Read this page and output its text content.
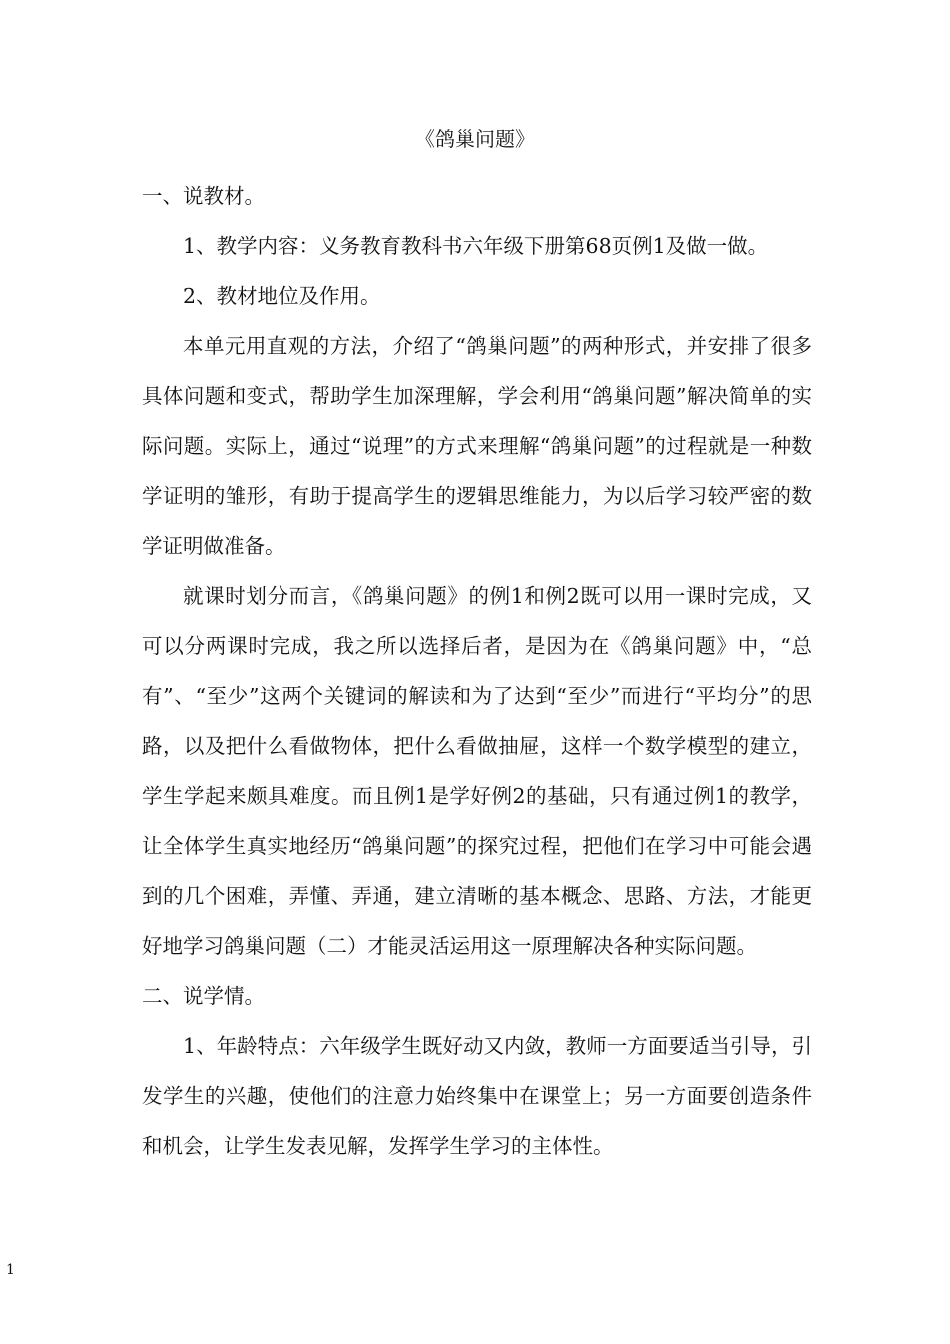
《鸽巢问题》

一、说教材。

1、教学内容：义务教育教科书六年级下册第68页例1及做一做。

2、教材地位及作用。

本单元用直观的方法，介绍了“鸽巢问题”的两种形式，并安排了很多具体问题和变式，帮助学生加深理解，学会利用“鸽巢问题”解决简单的实际问题。实际上，通过“说理”的方式来理解“鸽巢问题”的过程就是一种数学证明的雏形，有助于提高学生的逻辑思维能力，为以后学习较严密的数学证明做准备。

就课时划分而言，《鸽巢问题》的例1和例2既可以用一课时完成，又可以分两课时完成，我之所以选择后者，是因为在《鸽巢问题》中，“总有”、“至少”这两个关键词的解读和为了达到“至少”而进行“平均分”的思路，以及把什么看做物体，把什么看做抽屉，这样一个数学模型的建立，学生学起来颇具难度。而且例1是学好例2的基础，只有通过例1的教学，让全体学生真实地经历“鸽巢问题”的探究过程，把他们在学习中可能会遇到的几个困难，弄懂、弄通，建立清晰的基本概念、思路、方法，才能更好地学习鸽巢问题（二）才能灵活运用这一原理解决各种实际问题。

二、说学情。

1、年龄特点：六年级学生既好动又内敛，教师一方面要适当引导，引发学生的兴趣，使他们的注意力始终集中在课堂上；另一方面要创造条件和机会，让学生发表见解，发挥学生学习的主体性。

1
